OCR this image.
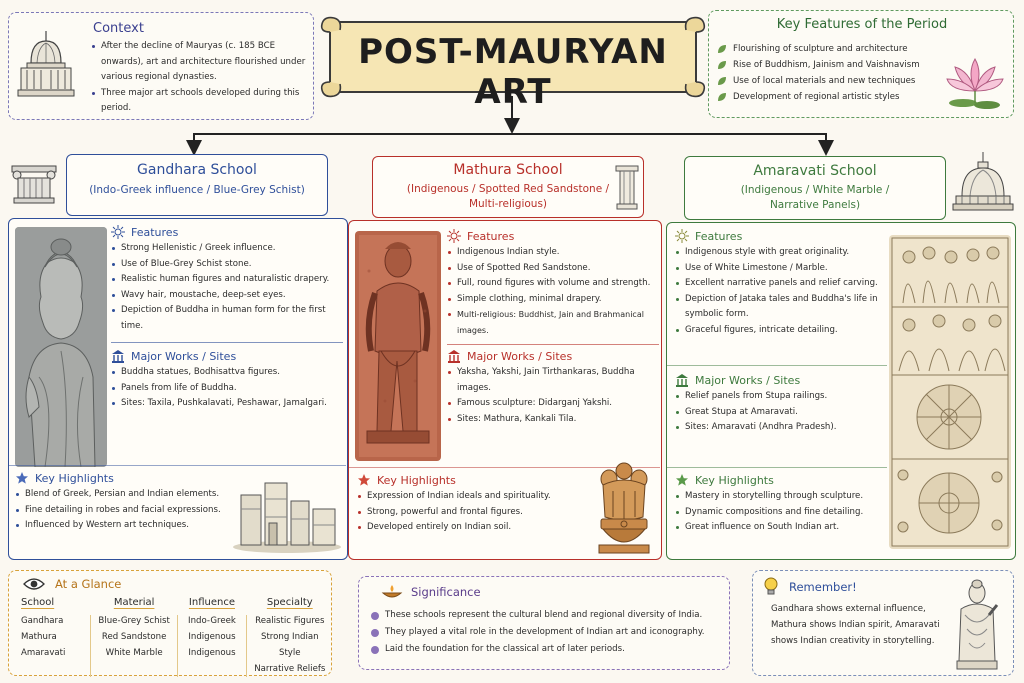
Context
After the decline of Mauryas (c. 185 BCE onwards), art and architecture flourished under various regional dynasties.
Three major art schools developed during this period.
POST-MAURYAN ART
Key Features of the Period
Flourishing of sculpture and architecture
Rise of Buddhism, Jainism and Vaishnavism
Use of local materials and new techniques
Development of regional artistic styles
Gandhara School
(Indo-Greek influence / Blue-Grey Schist)
Features
Strong Hellenistic / Greek influence.
Use of Blue-Grey Schist stone.
Realistic human figures and naturalistic drapery.
Wavy hair, moustache, deep-set eyes.
Depiction of Buddha in human form for the first time.
Major Works / Sites
Buddha statues, Bodhisattva figures.
Panels from life of Buddha.
Sites: Taxila, Pushkalavati, Peshawar, Jamalgari.
Key Highlights
Blend of Greek, Persian and Indian elements.
Fine detailing in robes and facial expressions.
Influenced by Western art techniques.
Mathura School
(Indigenous / Spotted Red Sandstone / Multi-religious)
Features
Indigenous Indian style.
Use of Spotted Red Sandstone.
Full, round figures with volume and strength.
Simple clothing, minimal drapery.
Multi-religious: Buddhist, Jain and Brahmanical images.
Major Works / Sites
Yaksha, Yakshi, Jain Tirthankaras, Buddha images.
Famous sculpture: Didarganj Yakshi.
Sites: Mathura, Kankali Tila.
Key Highlights
Expression of Indian ideals and spirituality.
Strong, powerful and frontal figures.
Developed entirely on Indian soil.
Amaravati School
(Indigenous / White Marble / Narrative Panels)
Features
Indigenous style with great originality.
Use of White Limestone / Marble.
Excellent narrative panels and relief carving.
Depiction of Jataka tales and Buddha's life in symbolic form.
Graceful figures, intricate detailing.
Major Works / Sites
Relief panels from Stupa railings.
Great Stupa at Amaravati.
Sites: Amaravati (Andhra Pradesh).
Key Highlights
Mastery in storytelling through sculpture.
Dynamic compositions and fine detailing.
Great influence on South Indian art.
At a Glance
School
Gandhara
Mathura
Amaravati
Material
Blue-Grey Schist
Red Sandstone
White Marble
Influence
Indo-Greek
Indigenous
Indigenous
Specialty
Realistic Figures
Strong Indian Style
Narrative Reliefs
Significance
These schools represent the cultural blend and regional diversity of India.
They played a vital role in the development of Indian art and iconography.
Laid the foundation for the classical art of later periods.
Remember!
Gandhara shows external influence, Mathura shows Indian spirit, Amaravati shows Indian creativity in storytelling.
